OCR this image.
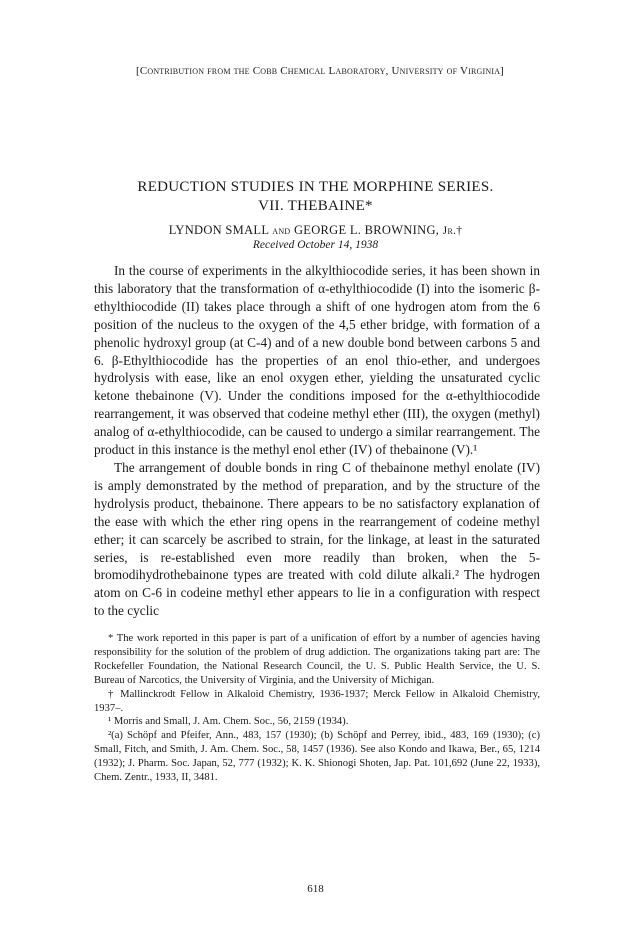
[Contribution from the Cobb Chemical Laboratory, University of Virginia]
REDUCTION STUDIES IN THE MORPHINE SERIES.
VII. THEBAINE*
LYNDON SMALL and GEORGE L. BROWNING, Jr.†
Received October 14, 1938

In the course of experiments in the alkylthiocodide series, it has been shown in this laboratory that the transformation of α-ethylthiocodide (I) into the isomeric β-ethylthiocodide (II) takes place through a shift of one hydrogen atom from the 6 position of the nucleus to the oxygen of the 4,5 ether bridge, with formation of a phenolic hydroxyl group (at C-4) and of a new double bond between carbons 5 and 6. β-Ethylthiocodide has the properties of an enol thio-ether, and undergoes hydrolysis with ease, like an enol oxygen ether, yielding the unsaturated cyclic ketone thebainone (V). Under the conditions imposed for the α-ethylthiocodide rearrangement, it was observed that codeine methyl ether (III), the oxygen (methyl) analog of α-ethylthiocodide, can be caused to undergo a similar rearrangement. The product in this instance is the methyl enol ether (IV) of thebainone (V).¹

The arrangement of double bonds in ring C of thebainone methyl enolate (IV) is amply demonstrated by the method of preparation, and by the structure of the hydrolysis product, thebainone. There appears to be no satisfactory explanation of the ease with which the ether ring opens in the rearrangement of codeine methyl ether; it can scarcely be ascribed to strain, for the linkage, at least in the saturated series, is re-established even more readily than broken, when the 5-bromodihydrothebainone types are treated with cold dilute alkali.² The hydrogen atom on C-6 in codeine methyl ether appears to lie in a configuration with respect to the cyclic

* The work reported in this paper is part of a unification of effort by a number of agencies having responsibility for the solution of the problem of drug addiction. The organizations taking part are: The Rockefeller Foundation, the National Research Council, the U. S. Public Health Service, the U. S. Bureau of Narcotics, the University of Virginia, and the University of Michigan.

† Mallinckrodt Fellow in Alkaloid Chemistry, 1936-1937; Merck Fellow in Alkaloid Chemistry, 1937–.

¹ Morris and Small, J. Am. Chem. Soc., 56, 2159 (1934).

²(a) Schöpf and Pfeifer, Ann., 483, 157 (1930); (b) Schöpf and Perrey, ibid., 483, 169 (1930); (c) Small, Fitch, and Smith, J. Am. Chem. Soc., 58, 1457 (1936). See also Kondo and Ikawa, Ber., 65, 1214 (1932); J. Pharm. Soc. Japan, 52, 777 (1932); K. K. Shionogi Shoten, Jap. Pat. 101,692 (June 22, 1933), Chem. Zentr., 1933, II, 3481.

618
